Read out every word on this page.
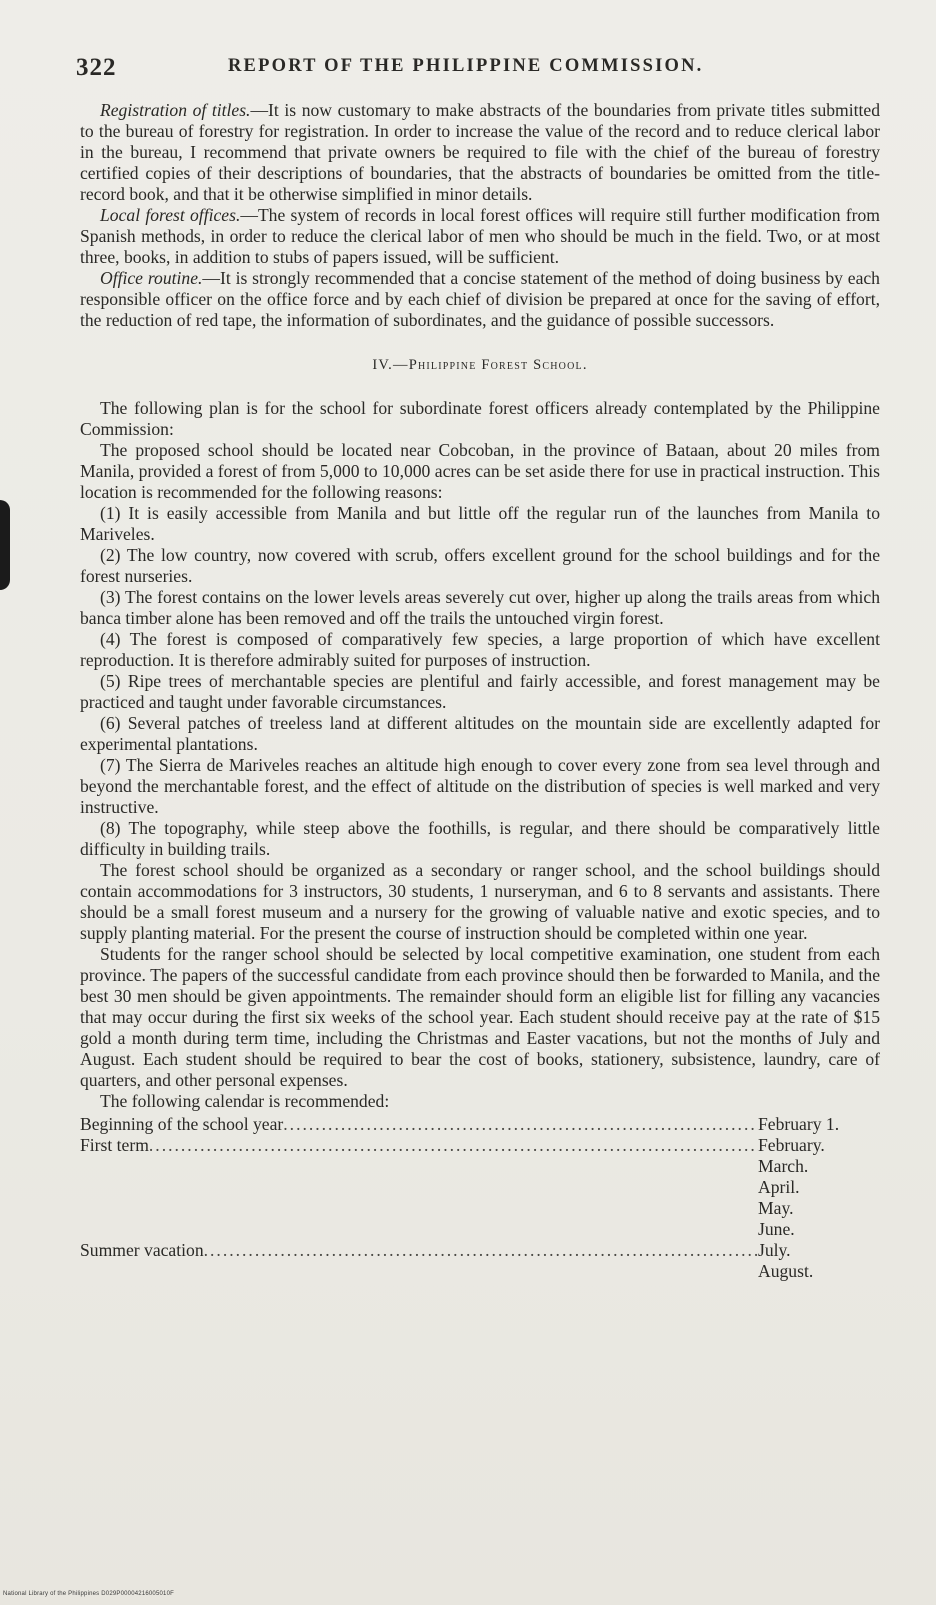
322	REPORT OF THE PHILIPPINE COMMISSION.

Registration of titles.—It is now customary to make abstracts of the boundaries from private titles submitted to the bureau of forestry for registration. In order to increase the value of the record and to reduce clerical labor in the bureau, I recommend that private owners be required to file with the chief of the bureau of forestry certified copies of their descriptions of boundaries, that the abstracts of boundaries be omitted from the title-record book, and that it be otherwise simplified in minor details.

Local forest offices.—The system of records in local forest offices will require still further modification from Spanish methods, in order to reduce the clerical labor of men who should be much in the field. Two, or at most three, books, in addition to stubs of papers issued, will be sufficient.

Office routine.—It is strongly recommended that a concise statement of the method of doing business by each responsible officer on the office force and by each chief of division be prepared at once for the saving of effort, the reduction of red tape, the information of subordinates, and the guidance of possible successors.

IV.—Philippine Forest School.

The following plan is for the school for subordinate forest officers already contemplated by the Philippine Commission:

The proposed school should be located near Cobcoban, in the province of Bataan, about 20 miles from Manila, provided a forest of from 5,000 to 10,000 acres can be set aside there for use in practical instruction. This location is recommended for the following reasons:

(1) It is easily accessible from Manila and but little off the regular run of the launches from Manila to Mariveles.

(2) The low country, now covered with scrub, offers excellent ground for the school buildings and for the forest nurseries.

(3) The forest contains on the lower levels areas severely cut over, higher up along the trails areas from which banca timber alone has been removed and off the trails the untouched virgin forest.

(4) The forest is composed of comparatively few species, a large proportion of which have excellent reproduction. It is therefore admirably suited for purposes of instruction.

(5) Ripe trees of merchantable species are plentiful and fairly accessible, and forest management may be practiced and taught under favorable circumstances.

(6) Several patches of treeless land at different altitudes on the mountain side are excellently adapted for experimental plantations.

(7) The Sierra de Mariveles reaches an altitude high enough to cover every zone from sea level through and beyond the merchantable forest, and the effect of altitude on the distribution of species is well marked and very instructive.

(8) The topography, while steep above the foothills, is regular, and there should be comparatively little difficulty in building trails.

The forest school should be organized as a secondary or ranger school, and the school buildings should contain accommodations for 3 instructors, 30 students, 1 nurseryman, and 6 to 8 servants and assistants. There should be a small forest museum and a nursery for the growing of valuable native and exotic species, and to supply planting material. For the present the course of instruction should be completed within one year.

Students for the ranger school should be selected by local competitive examination, one student from each province. The papers of the successful candidate from each province should then be forwarded to Manila, and the best 30 men should be given appointments. The remainder should form an eligible list for filling any vacancies that may occur during the first six weeks of the school year. Each student should receive pay at the rate of $15 gold a month during term time, including the Christmas and Easter vacations, but not the months of July and August. Each student should be required to bear the cost of books, stationery, subsistence, laundry, care of quarters, and other personal expenses.

The following calendar is recommended:

Beginning of the school year .....	February 1.
First term .....	February.
March.
April.
May.
June.
Summer vacation .....	July.
August.
National Library of the Philippines D029P00004216005010F
